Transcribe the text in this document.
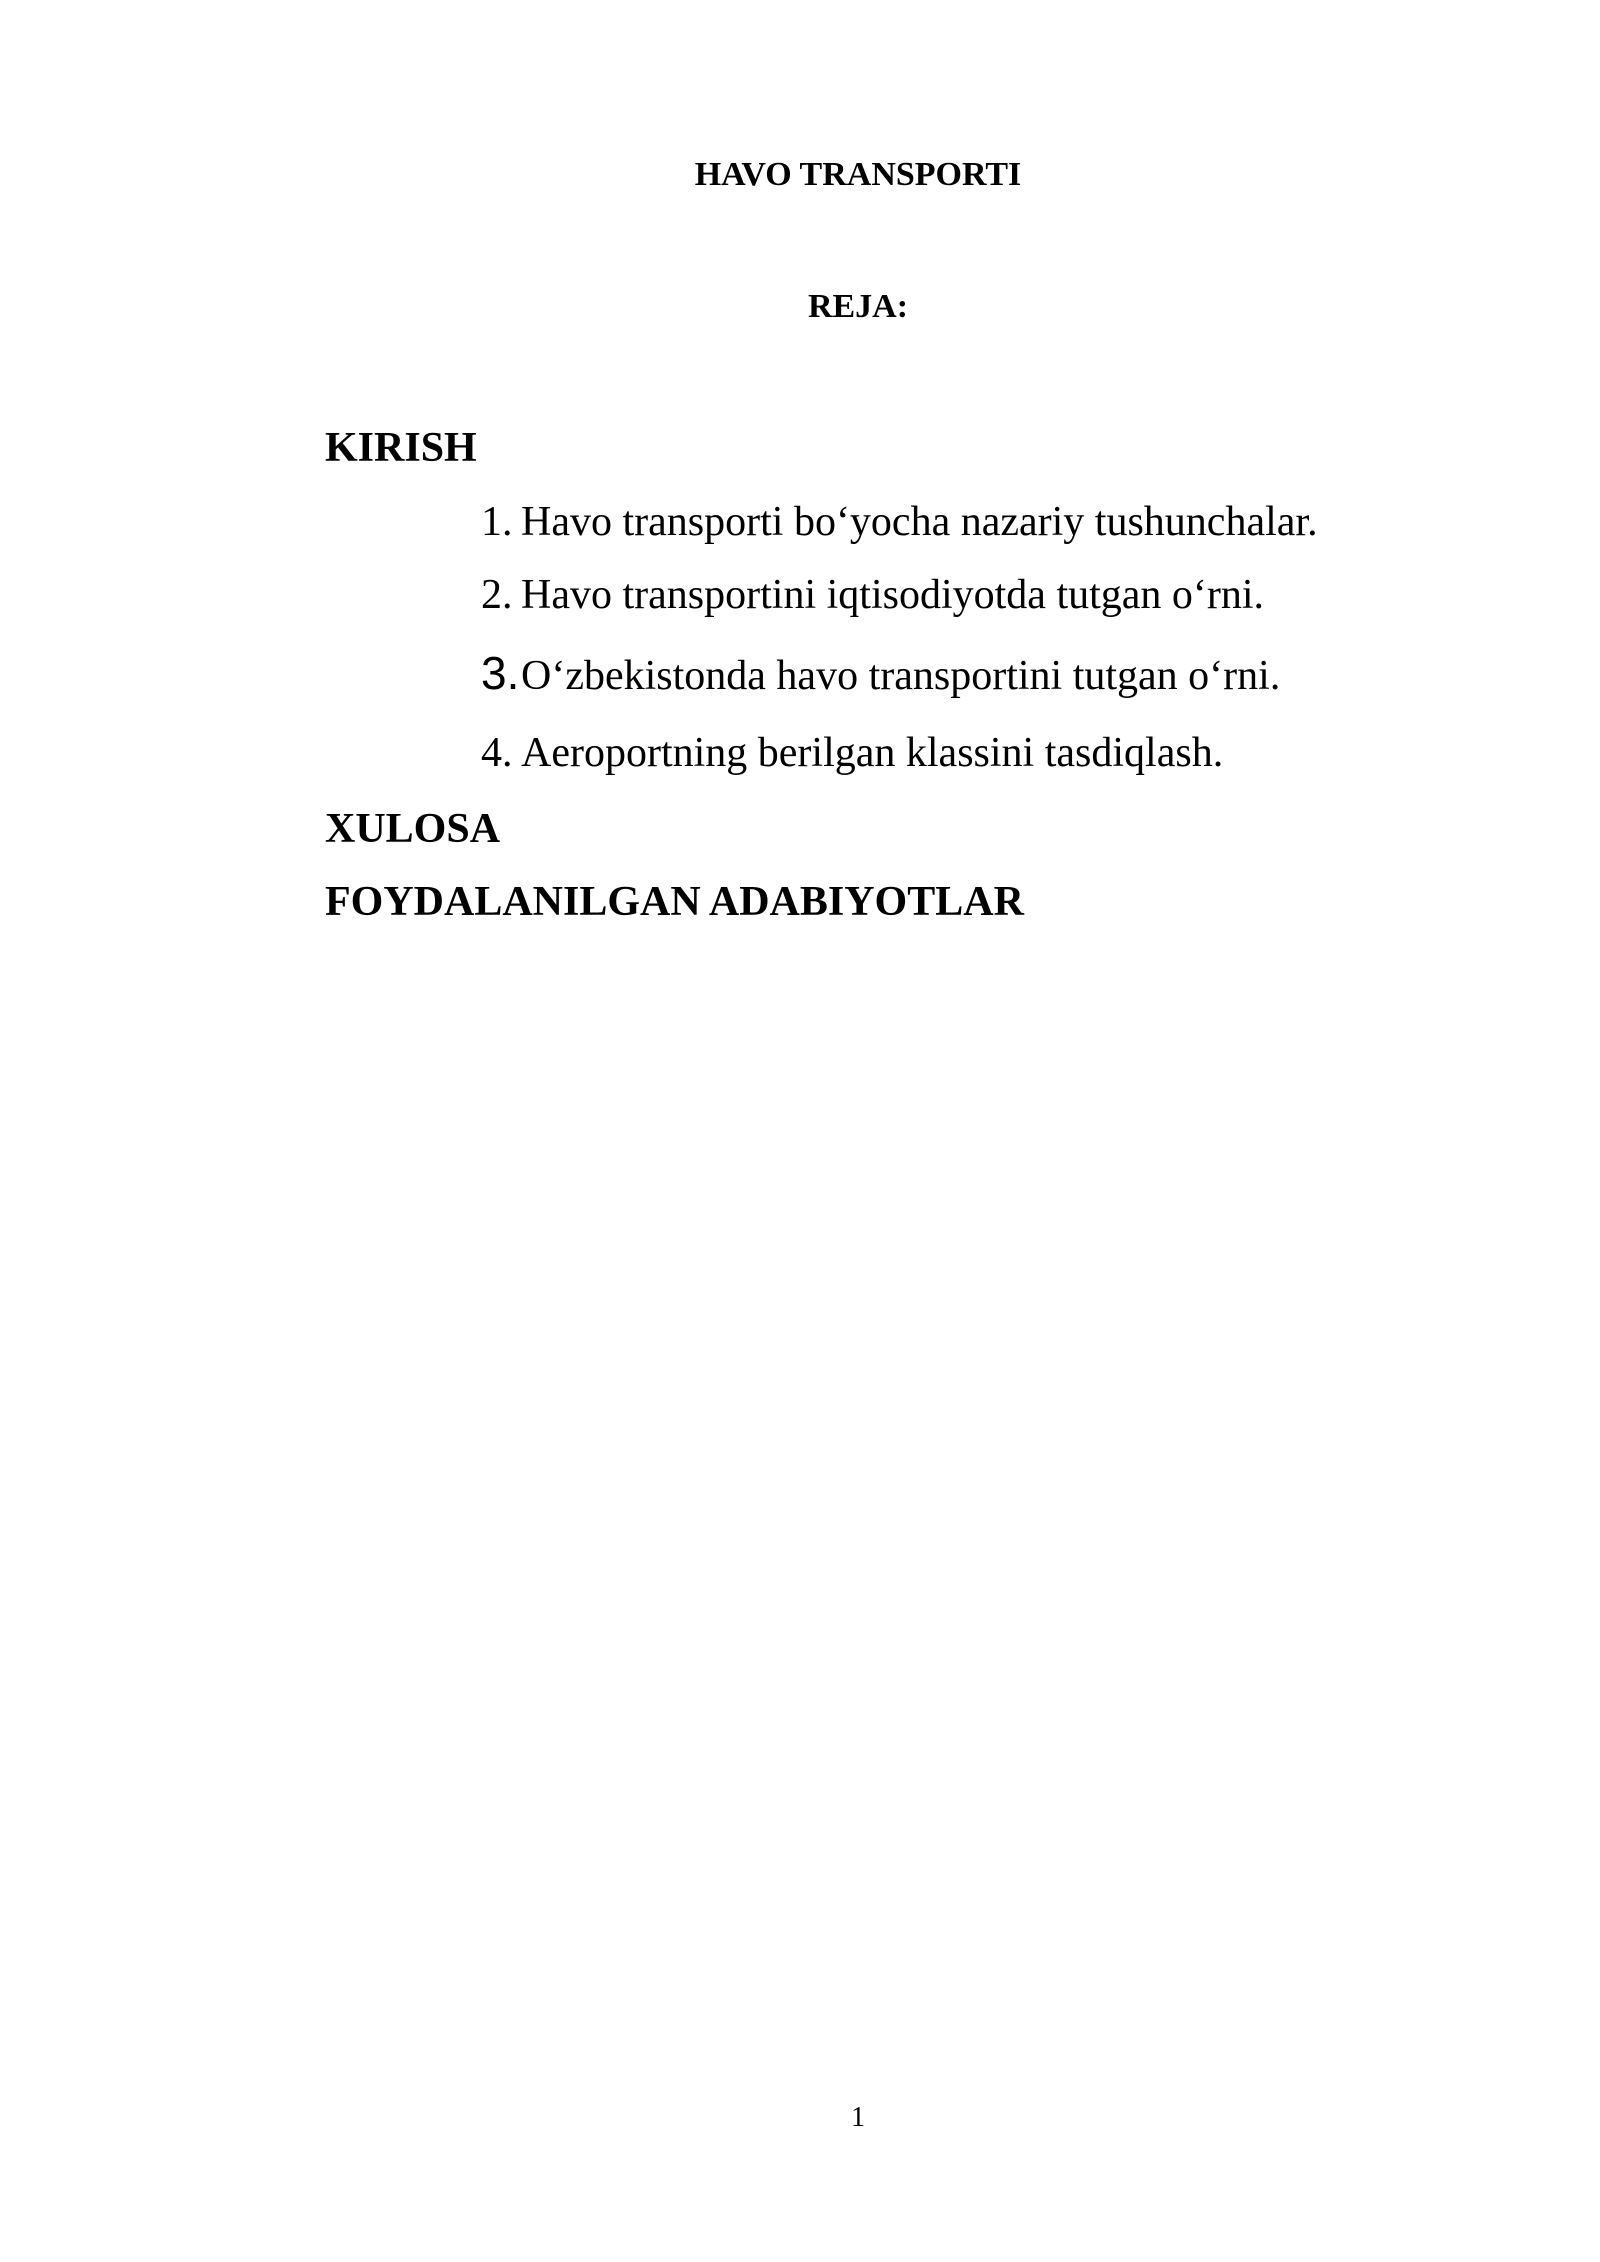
HAVO TRANSPORTI
REJA:
KIRISH
1. Havo transporti bo‘yocha nazariy tushunchalar.
2. Havo transportini iqtisodiyotda tutgan o‘rni.
3.O‘zbekistonda havo transportini tutgan o‘rni.
4. Aeroportning berilgan klassini tasdiqlash.
XULOSA
FOYDALANILGAN ADABIYOTLAR
1
